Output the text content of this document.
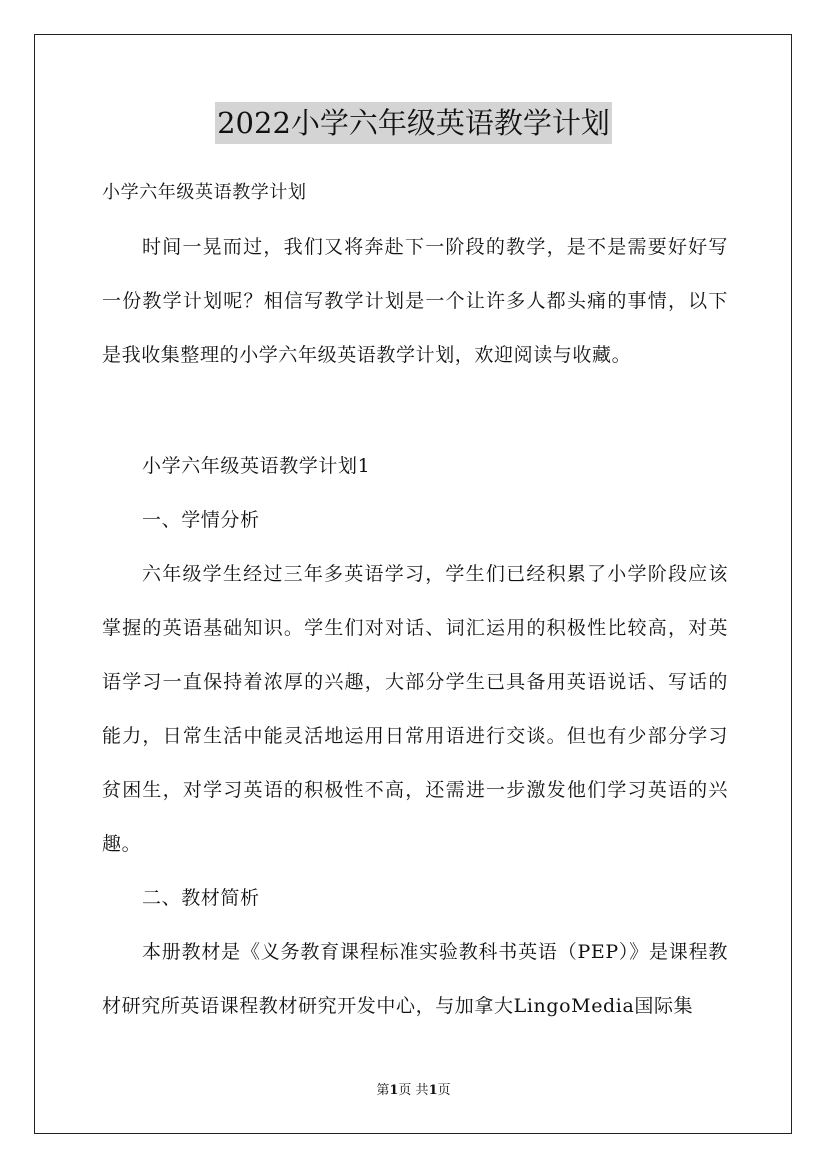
2022小学六年级英语教学计划
小学六年级英语教学计划

时间一晃而过，我们又将奔赴下一阶段的教学，是不是需要好好写一份教学计划呢？相信写教学计划是一个让许多人都头痛的事情，以下是我收集整理的小学六年级英语教学计划，欢迎阅读与收藏。

小学六年级英语教学计划1

一、学情分析

六年级学生经过三年多英语学习，学生们已经积累了小学阶段应该掌握的英语基础知识。学生们对对话、词汇运用的积极性比较高，对英语学习一直保持着浓厚的兴趣，大部分学生已具备用英语说话、写话的能力，日常生活中能灵活地运用日常用语进行交谈。但也有少部分学习贫困生，对学习英语的积极性不高，还需进一步激发他们学习英语的兴趣。

二、教材简析

本册教材是《义务教育课程标准实验教科书英语（PEP）》是课程教材研究所英语课程教材研究开发中心，与加拿大LingoMedia国际集

第1页 共1页
